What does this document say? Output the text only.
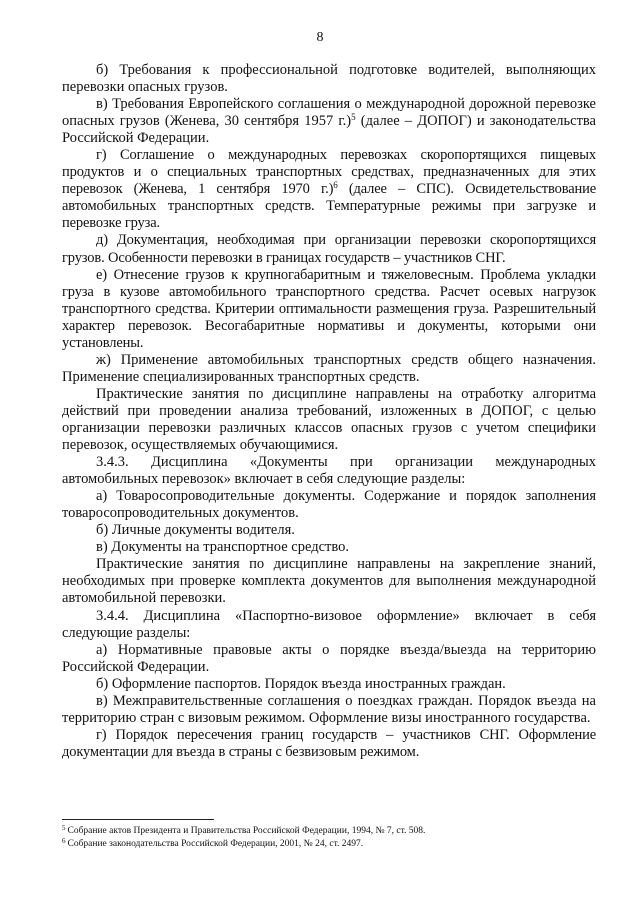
8

б) Требования к профессиональной подготовке водителей, выполняющих перевозки опасных грузов.

в) Требования Европейского соглашения о международной дорожной перевозке опасных грузов (Женева, 30 сентября 1957 г.)$^5$ (далее – ДОПОГ) и законодательства Российской Федерации.

г) Соглашение о международных перевозках скоропортящихся пищевых продуктов и о специальных транспортных средствах, предназначенных для этих перевозок (Женева, 1 сентября 1970 г.)$^6$ (далее – СПС). Освидетельствование автомобильных транспортных средств. Температурные режимы при загрузке и перевозке груза.

д) Документация, необходимая при организации перевозки скоропортящихся грузов. Особенности перевозки в границах государств – участников СНГ.

е) Отнесение грузов к крупногабаритным и тяжеловесным. Проблема укладки груза в кузове автомобильного транспортного средства. Расчет осевых нагрузок транспортного средства. Критерии оптимальности размещения груза. Разрешительный характер перевозок. Весогабаритные нормативы и документы, которыми они установлены.

ж) Применение автомобильных транспортных средств общего назначения. Применение специализированных транспортных средств.

Практические занятия по дисциплине направлены на отработку алгоритма действий при проведении анализа требований, изложенных в ДОПОГ, с целью организации перевозки различных классов опасных грузов с учетом специфики перевозок, осуществляемых обучающимися.

3.4.3. Дисциплина «Документы при организации международных автомобильных перевозок» включает в себя следующие разделы:

а) Товаросопроводительные документы. Содержание и порядок заполнения товаросопроводительных документов.

б) Личные документы водителя.

в) Документы на транспортное средство.

Практические занятия по дисциплине направлены на закрепление знаний, необходимых при проверке комплекта документов для выполнения международной автомобильной перевозки.

3.4.4. Дисциплина «Паспортно-визовое оформление» включает в себя следующие разделы:

а) Нормативные правовые акты о порядке въезда/выезда на территорию Российской Федерации.

б) Оформление паспортов. Порядок въезда иностранных граждан.

в) Межправительственные соглашения о поездках граждан. Порядок въезда на территорию стран с визовым режимом. Оформление визы иностранного государства.

г) Порядок пересечения границ государств – участников СНГ. Оформление документации для въезда в страны с безвизовым режимом.

$^5$ Собрание актов Президента и Правительства Российской Федерации, 1994, № 7, ст. 508.
$^6$ Собрание законодательства Российской Федерации, 2001, № 24, ст. 2497.
